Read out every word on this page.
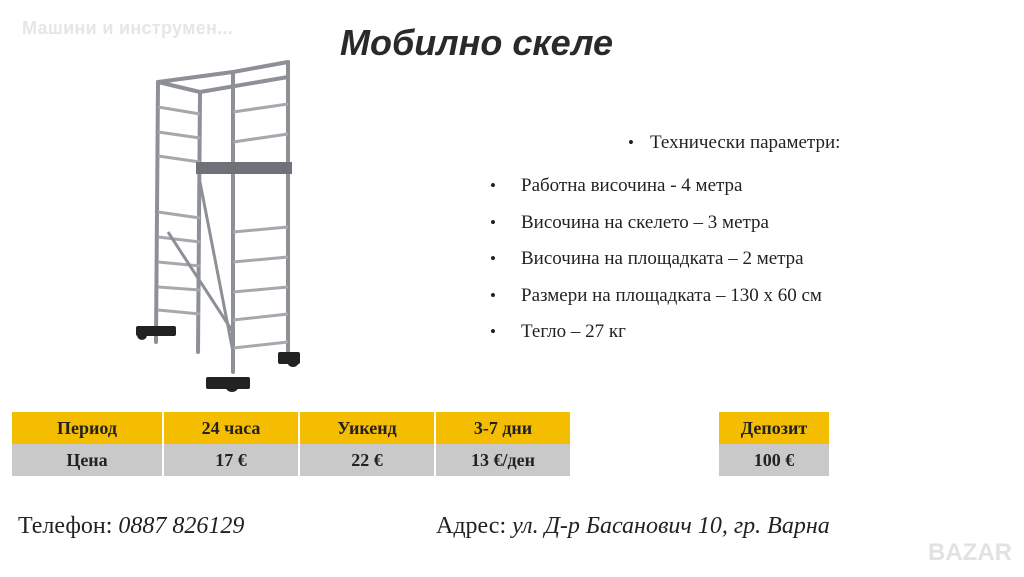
Машини и инструмен...	Мобилно скеле
• Технически параметри:
•	Работна височина - 4 метра
•	Височина на скелето – 3 метра
•	Височина на площадката – 2 метра
•	Размери на площадката – 130 х 60 см
•	Тегло – 27 кг
Период	24 часа	Уикенд	3-7 дни
Цена	17 €	22 €	13 €/ден
Депозит
100 €
Телефон: 0887 826129	Адрес: ул. Д-р Басанович 10, гр. Варна
BAZAR
